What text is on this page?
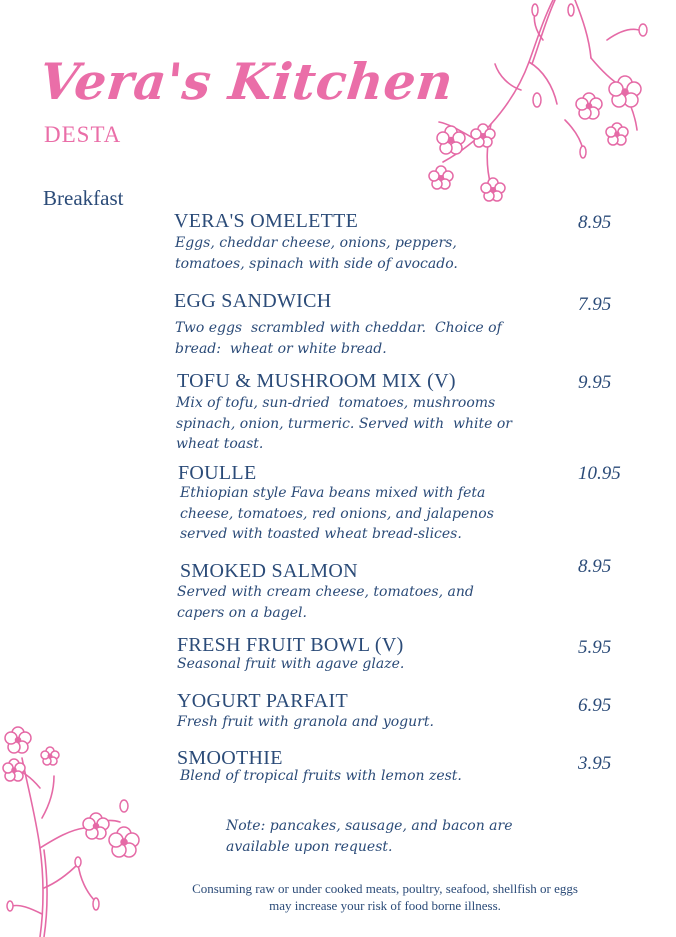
Vera's Kitchen
DESTA
Breakfast
VERA'S OMELETTE
Eggs, cheddar cheese, onions, peppers,
tomatoes, spinach with side of avocado.
8.95
EGG SANDWICH
Two eggs  scrambled with cheddar.  Choice of
bread:  wheat or white bread.
7.95
TOFU & MUSHROOM MIX (V)
Mix of tofu, sun-dried  tomatoes, mushrooms
spinach, onion, turmeric. Served with  white or
wheat toast.
9.95
FOULLE
Ethiopian style Fava beans mixed with feta
cheese, tomatoes, red onions, and jalapenos
served with toasted wheat bread-slices.
10.95
SMOKED SALMON
Served with cream cheese, tomatoes, and
capers on a bagel.
8.95
FRESH FRUIT BOWL (V)
Seasonal fruit with agave glaze.
5.95
YOGURT PARFAIT
Fresh fruit with granola and yogurt.
6.95
SMOOTHIE
Blend of tropical fruits with lemon zest.
3.95
Note: pancakes, sausage, and bacon are
available upon request.
Consuming raw or under cooked meats, poultry, seafood, shellfish or eggs
may increase your risk of food borne illness.
